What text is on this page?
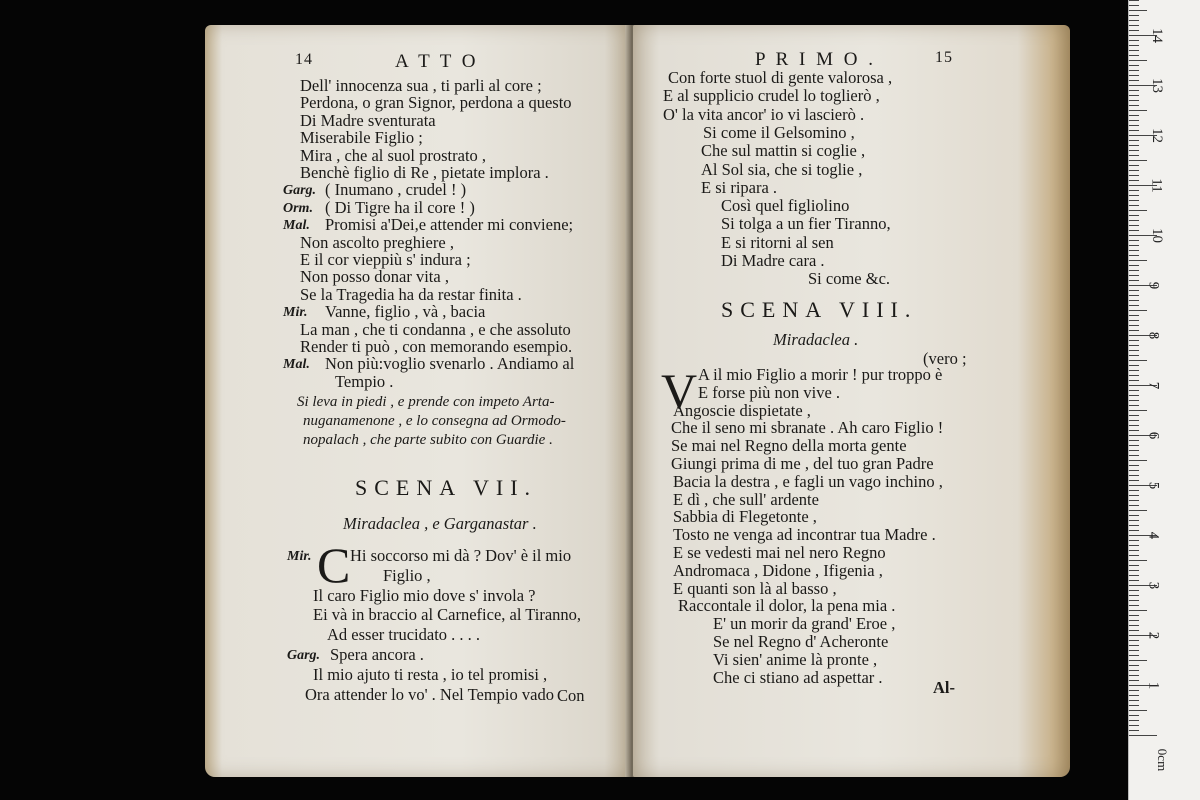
14	A T T O
Dell' innocenza sua , ti parli al core ;
Perdona, o gran Signor, perdona a questo
Di Madre sventurata
Miserabile Figlio ;
Mira , che al suol prostrato ,
Benchè figlio di Re , pietate implora .
Garg. ( Inumano , crudel ! )
Orm. ( Di Tigre ha il core ! )
Mal. Promisi a'Dei,e attender mi conviene;
Non ascolto preghiere ,
E il cor vieppiù s' indura ;
Non posso donar vita ,
Se la Tragedia ha da restar finita .
Mir. Vanne, figlio , và , bacia
La man , che ti condanna , e che assoluto
Render ti può , con memorando esempio.
Mal. Non più:voglio svenarlo . Andiamo al
Tempio .
Si leva in piedi , e prende con impeto Arta-
nuganamenone , e lo consegna ad Ormodo-
nopalach , che parte subito con Guardie .
SCENA VII.
Miradaclea , e Garganastar .
C
Mir. Hi soccorso mi dà ? Dov' è il mio
Figlio ,
Il caro Figlio mio dove s' invola ?
Ei và in braccio al Carnefice, al Tiranno,
Ad esser trucidato . . . .
Garg. Spera ancora .
Il mio ajuto ti resta , io tel promisi ,
Ora attender lo vo' . Nel Tempio vado Con
P R I M O .	15
Con forte stuol di gente valorosa ,
E al supplicio crudel lo toglierò ,
O' la vita ancor' io vi lascierò .
Si come il Gelsomino ,
Che sul mattin si coglie ,
Al Sol sia, che si toglie ,
E si ripara .
Così quel figliolino
Si tolga a un fier Tiranno,
E si ritorni al sen
Di Madre cara .
Si come &c.
SCENA VIII.
Miradaclea .
(vero ;
V A il mio Figlio a morir ! pur troppo è
E forse più non vive .
Angoscie dispietate ,
Che il seno mi sbranate . Ah caro Figlio !
Se mai nel Regno della morta gente
Giungi prima di me , del tuo gran Padre
Bacia la destra , e fagli un vago inchino ,
E dì , che sull' ardente
Sabbia di Flegetonte ,
Tosto ne venga ad incontrar tua Madre .
E se vedesti mai nel nero Regno
Andromaca , Didone , Ifigenia ,
E quanti son là al basso ,
Raccontale il dolor, la pena mia .
E' un morir da grand' Eroe ,
Se nel Regno d' Acheronte
Vi sien' anime là pronte ,
Che ci stiano ad aspettar .
Al-
14
13
12
11
10
9
8
7
6
5
4
3
2
1
0cm
